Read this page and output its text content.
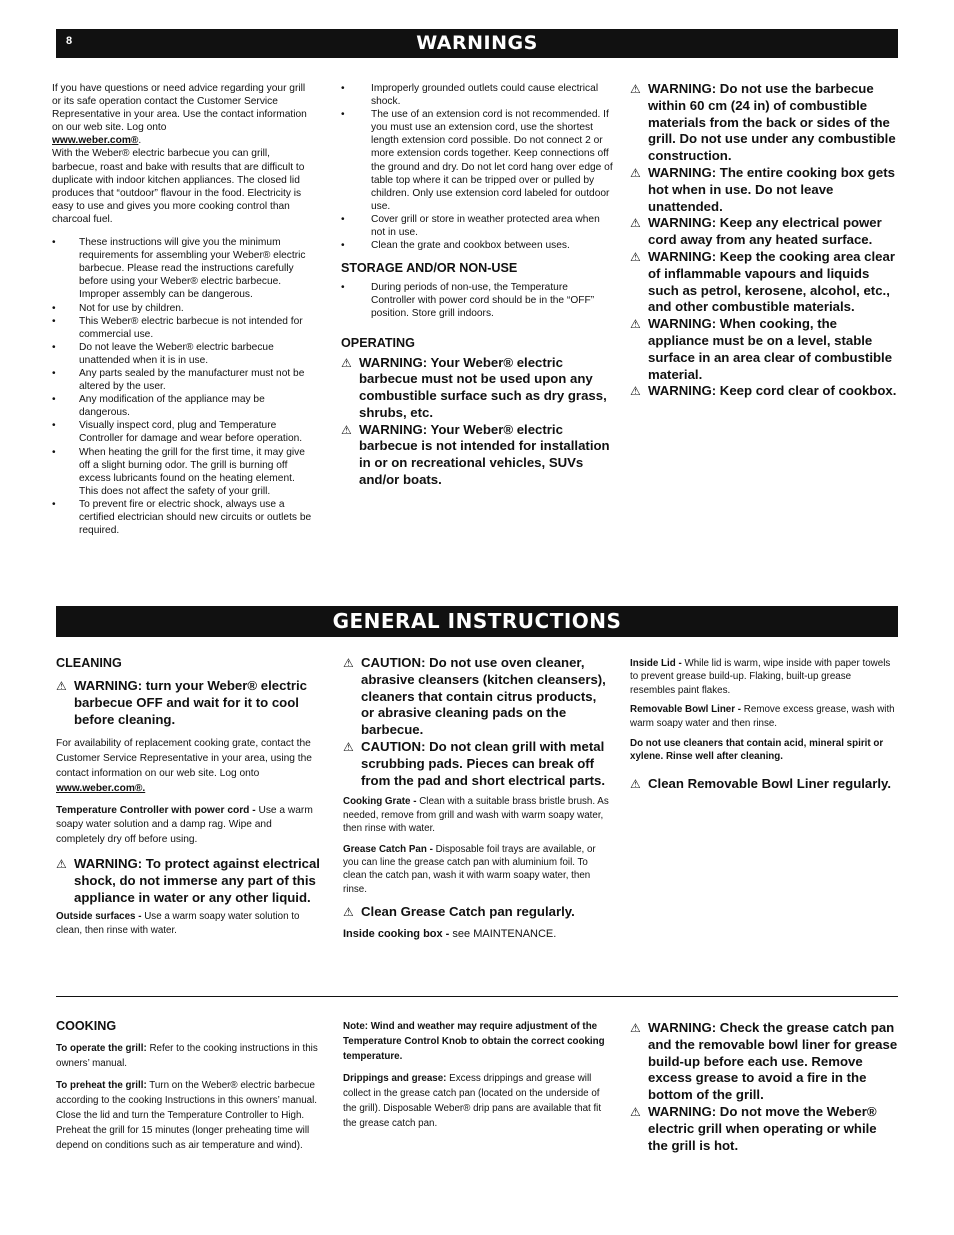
8	WARNINGS

If you have questions or need advice regarding your grill or its safe operation contact the Customer Service Representative in your area. Use the contact information on our web site. Log onto
www.weber.com®.
With the Weber® electric barbecue you can grill, barbecue, roast and bake with results that are difficult to duplicate with indoor kitchen appliances. The closed lid produces that “outdoor” flavour in the food. Electricity is easy to use and gives you more cooking control than charcoal fuel.

• These instructions will give you the minimum requirements for assembling your Weber® electric barbecue. Please read the instructions carefully before using your Weber® electric barbecue. Improper assembly can be dangerous.
• Not for use by children.
• This Weber® electric barbecue is not intended for commercial use.
• Do not leave the Weber® electric barbecue unattended when it is in use.
• Any parts sealed by the manufacturer must not be altered by the user.
• Any modification of the appliance may be dangerous.
• Visually inspect cord, plug and Temperature Controller for damage and wear before operation.
• When heating the grill for the first time, it may give off a slight burning odor. The grill is burning off excess lubricants found on the heating element. This does not affect the safety of your grill.
• To prevent fire or electric shock, always use a certified electrician should new circuits or outlets be required.
• Improperly grounded outlets could cause electrical shock.
• The use of an extension cord is not recommended. If you must use an extension cord, use the shortest length extension cord possible. Do not connect 2 or more extension cords together. Keep connections off the ground and dry. Do not let cord hang over edge of table top where it can be tripped over or pulled by children. Only use extension cord labeled for outdoor use.
• Cover grill or store in weather protected area when not in use.
• Clean the grate and cookbox between uses.

STORAGE AND/OR NON-USE

• During periods of non-use, the Temperature Controller with power cord should be in the “OFF” position. Store grill indoors.

OPERATING

⚠ WARNING: Your Weber® electric barbecue must not be used upon any combustible surface such as dry grass, shrubs, etc.

⚠ WARNING: Your Weber® electric barbecue is not intended for installation in or on recreational vehicles, SUVs and/or boats.

⚠ WARNING: Do not use the barbecue within 60 cm (24 in) of combustible materials from the back or sides of the grill. Do not use under any combustible construction.

⚠ WARNING: The entire cooking box gets hot when in use. Do not leave unattended.

⚠ WARNING: Keep any electrical power cord away from any heated surface.

⚠ WARNING: Keep the cooking area clear of inflammable vapours and liquids such as petrol, kerosene, alcohol, etc., and other combustible materials.

⚠ WARNING: When cooking, the appliance must be on a level, stable surface in an area clear of combustible material.

⚠ WARNING: Keep cord clear of cookbox.

GENERAL INSTRUCTIONS

CLEANING

⚠ WARNING: turn your Weber® electric barbecue OFF and wait for it to cool before cleaning.

For availability of replacement cooking grate, contact the Customer Service Representative in your area, using the contact information on our web site. Log onto
www.weber.com®.

Temperature Controller with power cord - Use a warm soapy water solution and a damp rag. Wipe and completely dry off before using.

⚠ WARNING: To protect against electrical shock, do not immerse any part of this appliance in water or any other liquid.

Outside surfaces - Use a warm soapy water solution to clean, then rinse with water.

⚠ CAUTION: Do not use oven cleaner, abrasive cleansers (kitchen cleansers), cleaners that contain citrus products, or abrasive cleaning pads on the barbecue.

⚠ CAUTION: Do not clean grill with metal scrubbing pads. Pieces can break off from the pad and short electrical parts.

Cooking Grate - Clean with a suitable brass bristle brush. As needed, remove from grill and wash with warm soapy water, then rinse with water.

Grease Catch Pan - Disposable foil trays are available, or you can line the grease catch pan with aluminium foil. To clean the catch pan, wash it with warm soapy water, then rinse.

⚠ Clean Grease Catch pan regularly.

Inside cooking box - see MAINTENANCE.

Inside Lid - While lid is warm, wipe inside with paper towels to prevent grease build-up. Flaking, built-up grease resembles paint flakes.

Removable Bowl Liner - Remove excess grease, wash with warm soapy water and then rinse.

Do not use cleaners that contain acid, mineral spirit or xylene. Rinse well after cleaning.

⚠ Clean Removable Bowl Liner regularly.

COOKING

To operate the grill: Refer to the cooking instructions in this owners’ manual.

To preheat the grill: Turn on the Weber® electric barbecue according to the cooking Instructions in this owners’ manual. Close the lid and turn the Temperature Controller to High. Preheat the grill for 15 minutes (longer preheating time will depend on conditions such as air temperature and wind).

Note: Wind and weather may require adjustment of the Temperature Control Knob to obtain the correct cooking temperature.

Drippings and grease: Excess drippings and grease will collect in the grease catch pan (located on the underside of the grill). Disposable Weber® drip pans are available that fit the grease catch pan.

⚠ WARNING: Check the grease catch pan and the removable bowl liner for grease build-up before each use. Remove excess grease to avoid a fire in the bottom of the grill.

⚠ WARNING: Do not move the Weber® electric grill when operating or while the grill is hot.
